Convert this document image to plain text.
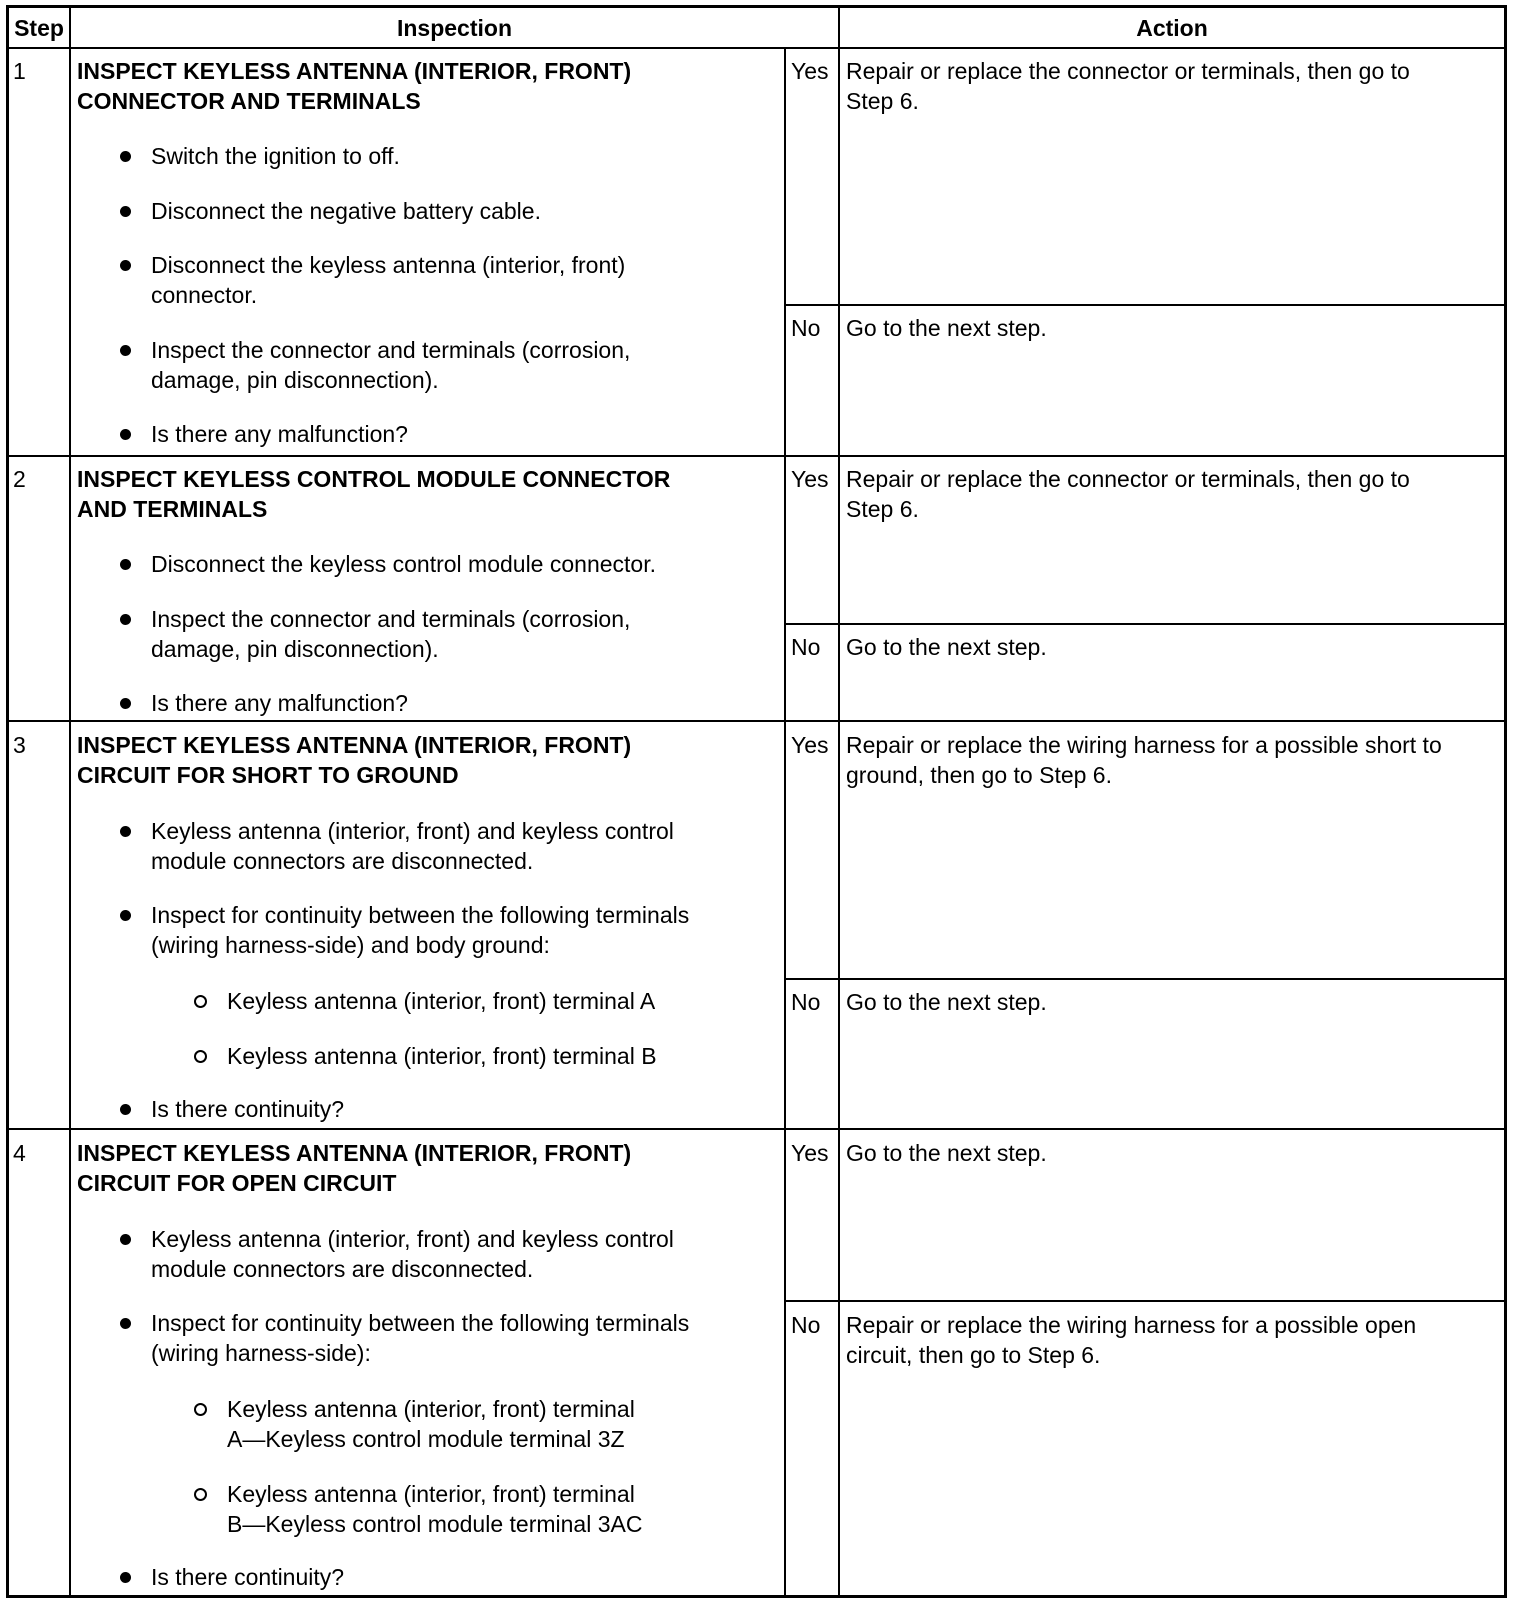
Step	Inspection	Action
1 INSPECT KEYLESS ANTENNA (INTERIOR, FRONT)
CONNECTOR AND TERMINALS
Switch the ignition to off.
Disconnect the negative battery cable.
Disconnect the keyless antenna (interior, front)
connector.
Inspect the connector and terminals (corrosion,
damage, pin disconnection).
Is there any malfunction?
Yes Repair or replace the connector or terminals, then go to
Step 6.
No Go to the next step.
2 INSPECT KEYLESS CONTROL MODULE CONNECTOR
AND TERMINALS
Disconnect the keyless control module connector.
Inspect the connector and terminals (corrosion,
damage, pin disconnection).
Is there any malfunction?
Yes Repair or replace the connector or terminals, then go to
Step 6.
No Go to the next step.
3 INSPECT KEYLESS ANTENNA (INTERIOR, FRONT)
CIRCUIT FOR SHORT TO GROUND
Keyless antenna (interior, front) and keyless control
module connectors are disconnected.
Inspect for continuity between the following terminals
(wiring harness-side) and body ground:
Keyless antenna (interior, front) terminal A
Keyless antenna (interior, front) terminal B
Is there continuity?
Yes Repair or replace the wiring harness for a possible short to
ground, then go to Step 6.
No Go to the next step.
4 INSPECT KEYLESS ANTENNA (INTERIOR, FRONT)
CIRCUIT FOR OPEN CIRCUIT
Keyless antenna (interior, front) and keyless control
module connectors are disconnected.
Inspect for continuity between the following terminals
(wiring harness-side):
Keyless antenna (interior, front) terminal
A—Keyless control module terminal 3Z
Keyless antenna (interior, front) terminal
B—Keyless control module terminal 3AC
Is there continuity?
Yes Go to the next step.
No Repair or replace the wiring harness for a possible open
circuit, then go to Step 6.
